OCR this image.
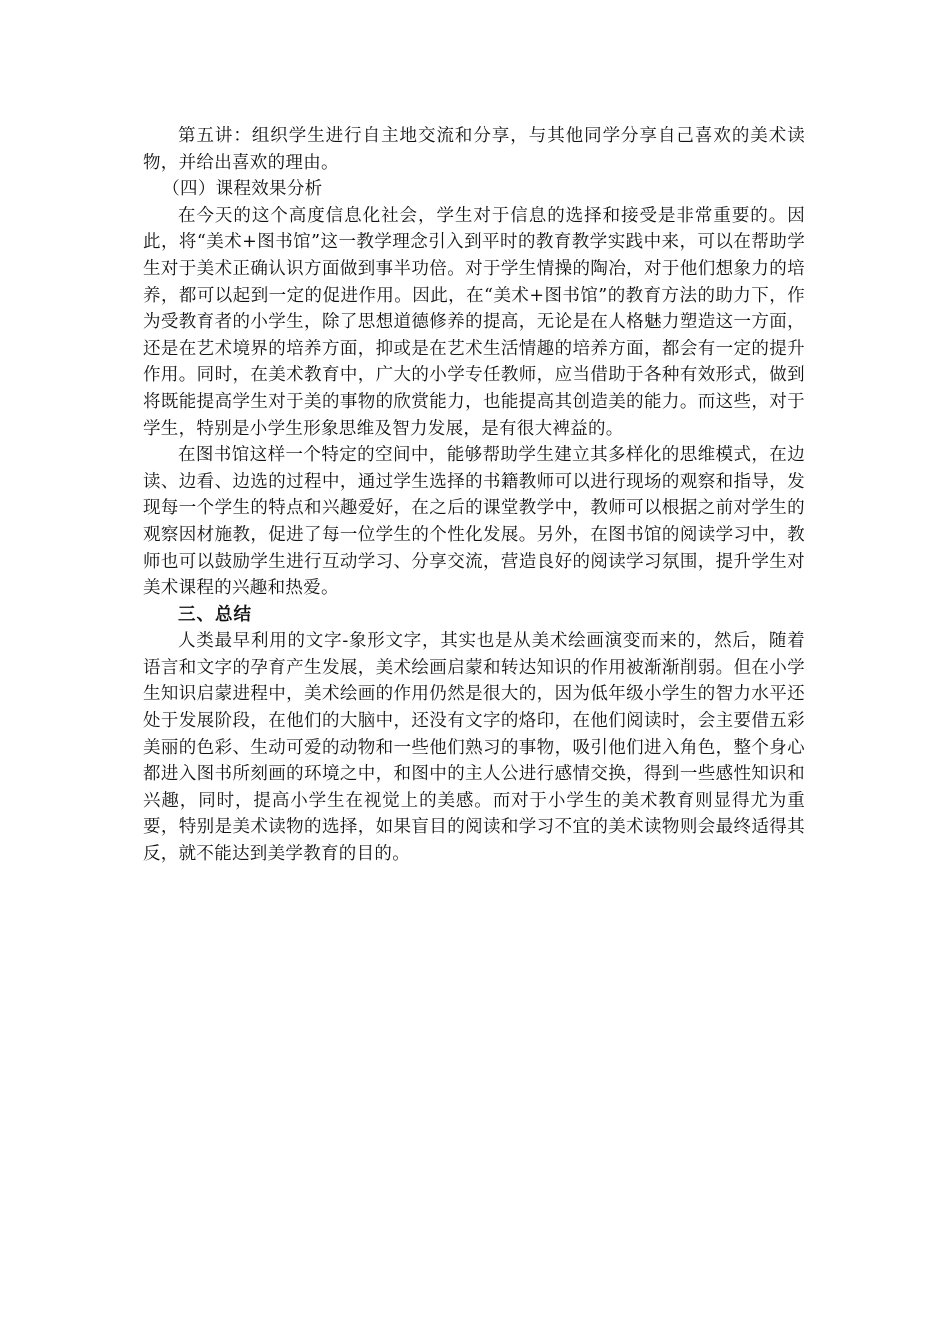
第五讲：组织学生进行自主地交流和分享，与其他同学分享自己喜欢的美术读物，并给出喜欢的理由。

（四）课程效果分析

在今天的这个高度信息化社会，学生对于信息的选择和接受是非常重要的。因此，将“美术+图书馆”这一教学理念引入到平时的教育教学实践中来，可以在帮助学生对于美术正确认识方面做到事半功倍。对于学生情操的陶冶，对于他们想象力的培养，都可以起到一定的促进作用。因此，在“美术+图书馆”的教育方法的助力下，作为受教育者的小学生，除了思想道德修养的提高，无论是在人格魅力塑造这一方面，还是在艺术境界的培养方面，抑或是在艺术生活情趣的培养方面，都会有一定的提升作用。同时，在美术教育中，广大的小学专任教师，应当借助于各种有效形式，做到将既能提高学生对于美的事物的欣赏能力，也能提高其创造美的能力。而这些，对于学生，特别是小学生形象思维及智力发展，是有很大裨益的。

在图书馆这样一个特定的空间中，能够帮助学生建立其多样化的思维模式，在边读、边看、边选的过程中，通过学生选择的书籍教师可以进行现场的观察和指导，发现每一个学生的特点和兴趣爱好，在之后的课堂教学中，教师可以根据之前对学生的观察因材施教，促进了每一位学生的个性化发展。另外，在图书馆的阅读学习中，教师也可以鼓励学生进行互动学习、分享交流，营造良好的阅读学习氛围，提升学生对美术课程的兴趣和热爱。

三、总结

人类最早利用的文字-象形文字，其实也是从美术绘画演变而来的，然后，随着语言和文字的孕育产生发展，美术绘画启蒙和转达知识的作用被渐渐削弱。但在小学生知识启蒙进程中，美术绘画的作用仍然是很大的，因为低年级小学生的智力水平还处于发展阶段，在他们的大脑中，还没有文字的烙印，在他们阅读时，会主要借五彩美丽的色彩、生动可爱的动物和一些他们熟习的事物，吸引他们进入角色，整个身心都进入图书所刻画的环境之中，和图中的主人公进行感情交换，得到一些感性知识和兴趣，同时，提高小学生在视觉上的美感。而对于小学生的美术教育则显得尤为重要，特别是美术读物的选择，如果盲目的阅读和学习不宜的美术读物则会最终适得其反，就不能达到美学教育的目的。
